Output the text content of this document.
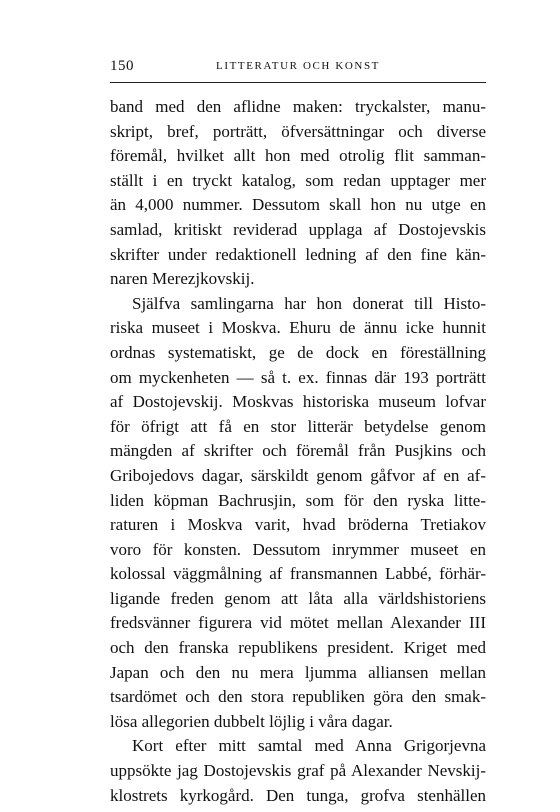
150	LITTERATUR OCH KONST
band med den aflidne maken: tryckalster, manu-
skript, bref, porträtt, öfversättningar och diverse
föremål, hvilket allt hon med otrolig flit samman-
ställt i en tryckt katalog, som redan upptager mer
än 4,000 nummer. Dessutom skall hon nu utge en
samlad, kritiskt reviderad upplaga af Dostojevskis
skrifter under redaktionell ledning af den fine kän-
naren Merezjkovskij.
Själfva samlingarna har hon donerat till Histo-
riska museet i Moskva. Ehuru de ännu icke hunnit
ordnas systematiskt, ge de dock en föreställning
om myckenheten — så t. ex. finnas där 193 porträtt
af Dostojevskij. Moskvas historiska museum lofvar
för öfrigt att få en stor litterär betydelse genom
mängden af skrifter och föremål från Pusjkins och
Gribojedovs dagar, särskildt genom gåfvor af en af-
liden köpman Bachrusjin, som för den ryska litte-
raturen i Moskva varit, hvad bröderna Tretiakov
voro för konsten. Dessutom inrymmer museet en
kolossal väggmålning af fransmannen Labbé, förhär-
ligande freden genom att låta alla världshistoriens
fredsvänner figurera vid mötet mellan Alexander III
och den franska republikens president. Kriget med
Japan och den nu mera ljumma alliansen mellan
tsardömet och den stora republiken göra den smak-
lösa allegorien dubbelt löjlig i våra dagar.
Kort efter mitt samtal med Anna Grigorjevna
uppsökte jag Dostojevskis graf på Alexander Nevskij-
klostrets kyrkogård. Den tunga, grofva stenhällen
